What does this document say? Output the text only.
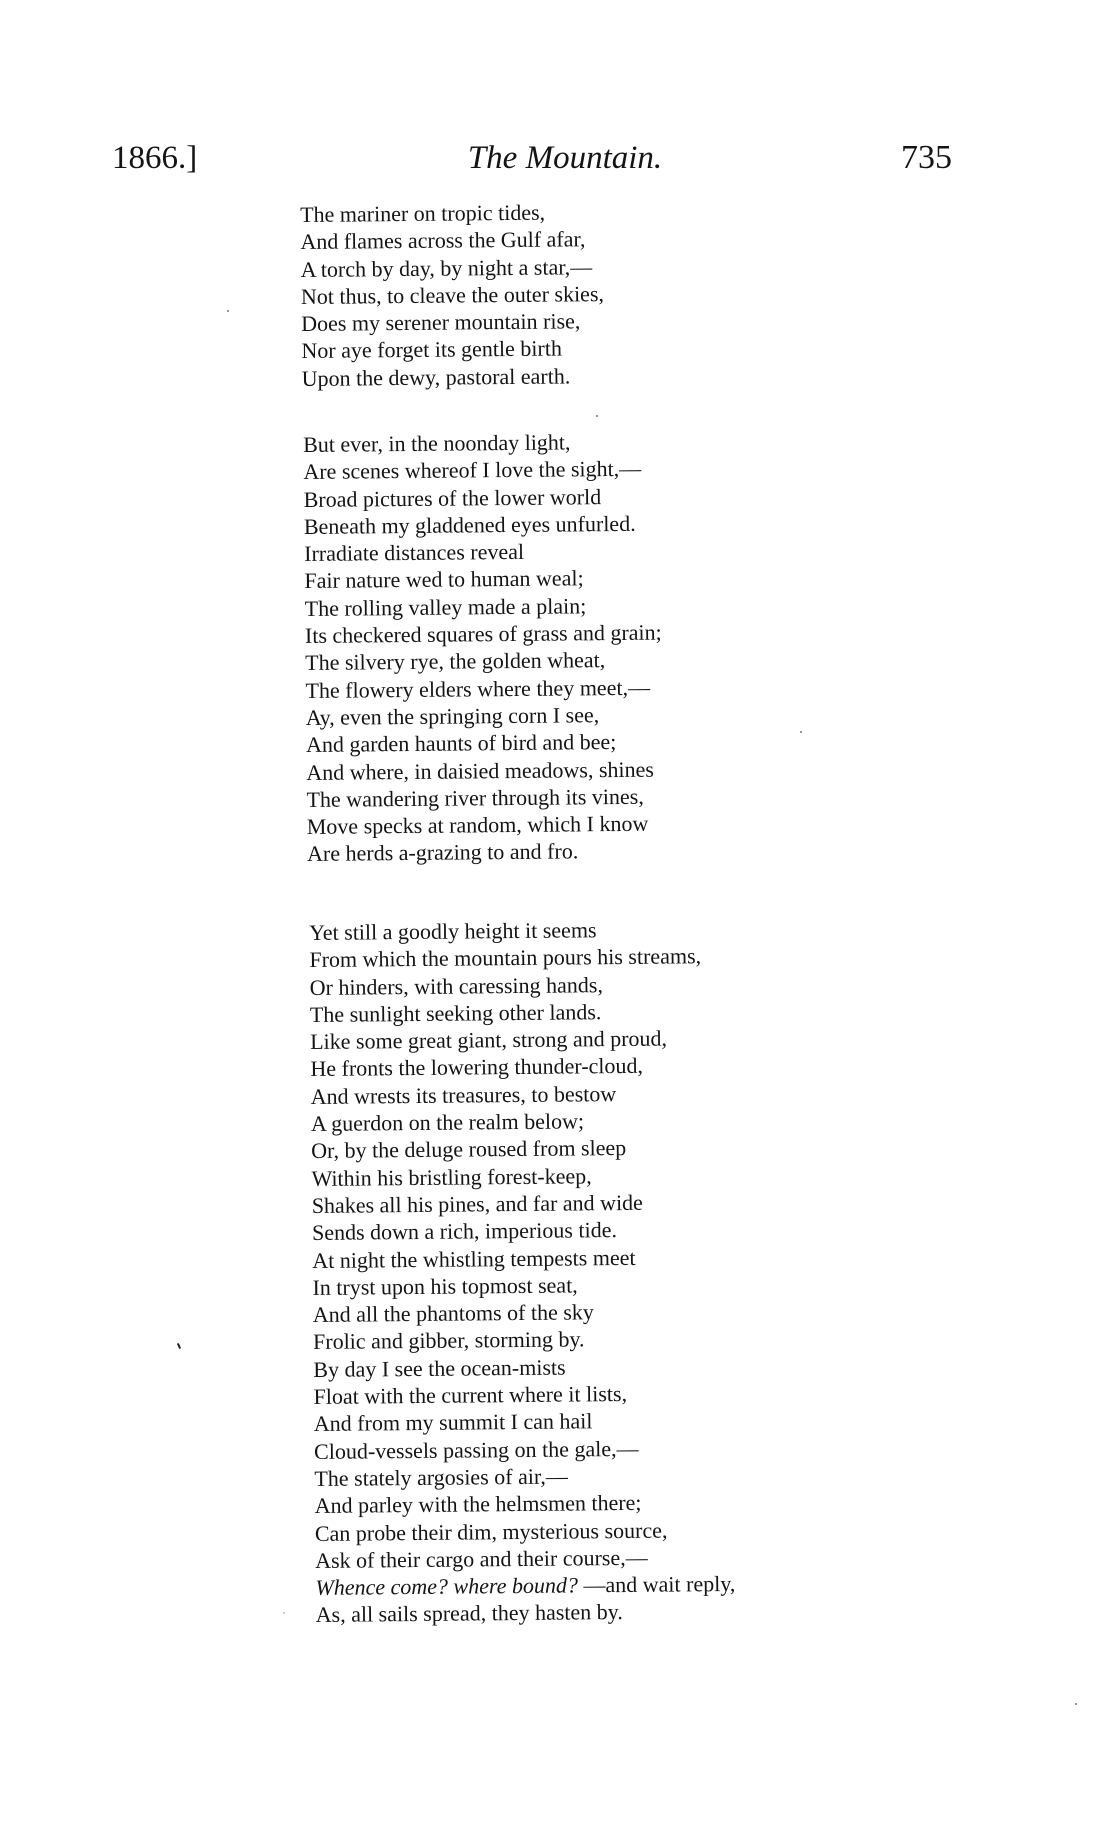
1866.]	The Mountain.	735
The mariner on tropic tides,
And flames across the Gulf afar,
A torch by day, by night a star,—
Not thus, to cleave the outer skies,
Does my serener mountain rise,
Nor aye forget its gentle birth
Upon the dewy, pastoral earth.
But ever, in the noonday light,
Are scenes whereof I love the sight,—
Broad pictures of the lower world
Beneath my gladdened eyes unfurled.
Irradiate distances reveal
Fair nature wed to human weal;
The rolling valley made a plain;
Its checkered squares of grass and grain;
The silvery rye, the golden wheat,
The flowery elders where they meet,—
Ay, even the springing corn I see,
And garden haunts of bird and bee;
And where, in daisied meadows, shines
The wandering river through its vines,
Move specks at random, which I know
Are herds a-grazing to and fro.
Yet still a goodly height it seems
From which the mountain pours his streams,
Or hinders, with caressing hands,
The sunlight seeking other lands.
Like some great giant, strong and proud,
He fronts the lowering thunder-cloud,
And wrests its treasures, to bestow
A guerdon on the realm below;
Or, by the deluge roused from sleep
Within his bristling forest-keep,
Shakes all his pines, and far and wide
Sends down a rich, imperious tide.
At night the whistling tempests meet
In tryst upon his topmost seat,
And all the phantoms of the sky
Frolic and gibber, storming by.
By day I see the ocean-mists
Float with the current where it lists,
And from my summit I can hail
Cloud-vessels passing on the gale,—
The stately argosies of air,—
And parley with the helmsmen there;
Can probe their dim, mysterious source,
Ask of their cargo and their course,—
Whence come? where bound? —and wait reply,
As, all sails spread, they hasten by.
